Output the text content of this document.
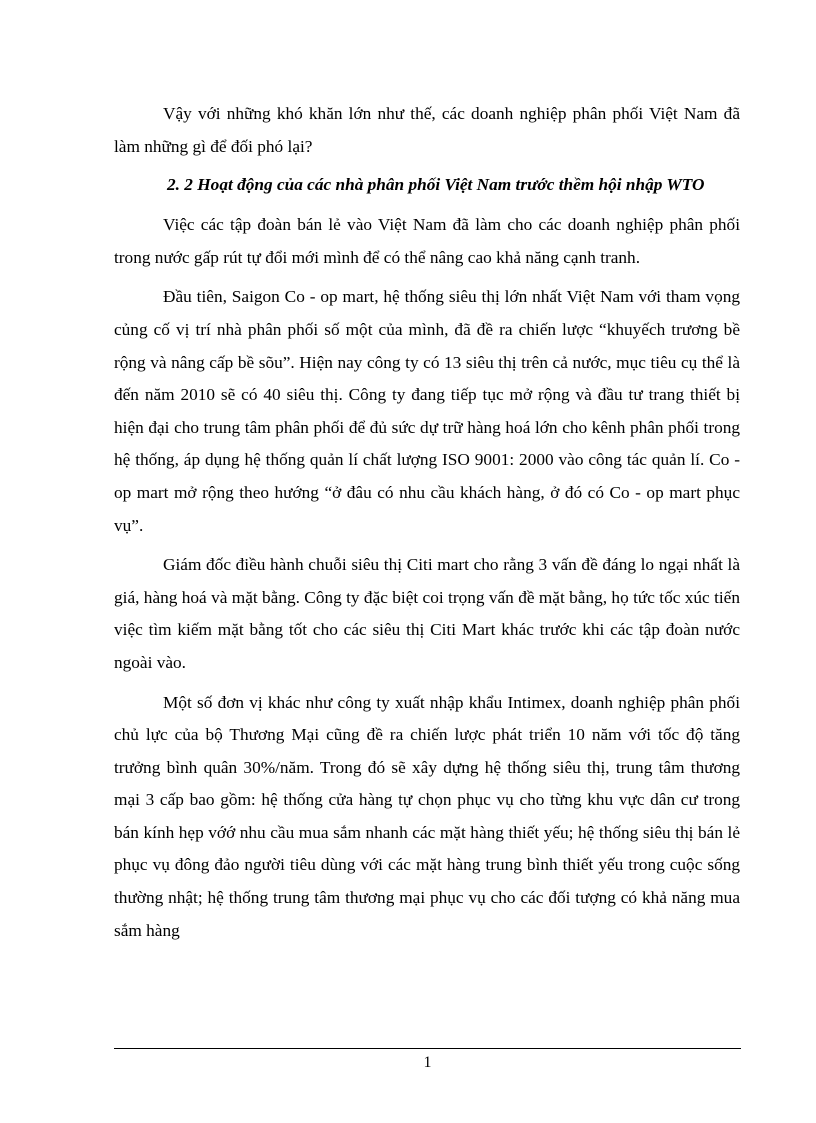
Vậy với những khó khăn lớn như thế, các doanh nghiệp phân phối Việt Nam đã làm những gì để đối phó lại?

2. 2 Hoạt động của các nhà phân phối Việt Nam trước thềm hội nhập WTO

Việc các tập đoàn bán lẻ vào Việt Nam đã làm cho các doanh nghiệp phân phối trong nước gấp rút tự đổi mới mình để có thể nâng cao khả năng cạnh tranh.

Đầu tiên, Saigon Co - op mart, hệ thống siêu thị lớn nhất Việt Nam với tham vọng củng cố vị trí nhà phân phối số một của mình, đã đề ra chiến lược “khuyếch trương bề rộng và nâng cấp bề sõu”. Hiện nay công ty có 13 siêu thị trên cả nước, mục tiêu cụ thể là đến năm 2010 sẽ có 40 siêu thị. Công ty đang tiếp tục mở rộng và đầu tư trang thiết bị hiện đại cho trung tâm phân phối để đủ sức dự trữ hàng hoá lớn cho kênh phân phối trong hệ thống, áp dụng hệ thống quản lí chất lượng ISO 9001: 2000 vào công tác quản lí. Co - op mart mở rộng theo hướng “ở đâu có nhu cầu khách hàng, ở đó có Co - op mart phục vụ”.

Giám đốc điều hành chuỗi siêu thị Citi mart cho rằng 3 vấn đề đáng lo ngại nhất là giá, hàng hoá và mặt bằng. Công ty đặc biệt coi trọng vấn đề mặt bằng, họ tức tốc xúc tiến việc tìm kiếm mặt bằng tốt cho các siêu thị Citi Mart khác trước khi các tập đoàn nước ngoài vào.

Một số đơn vị khác như công ty xuất nhập khẩu Intimex, doanh nghiệp phân phối chủ lực của bộ Thương Mại cũng đề ra chiến lược phát triển 10 năm với tốc độ tăng trưởng bình quân 30%/năm. Trong đó sẽ xây dựng hệ thống siêu thị, trung tâm thương mại 3 cấp bao gồm: hệ thống cửa hàng tự chọn phục vụ cho từng khu vực dân cư trong bán kính hẹp vớớ nhu cầu mua sắm nhanh các mặt hàng thiết yếu; hệ thống siêu thị bán lẻ phục vụ đông đảo người tiêu dùng với các mặt hàng trung bình thiết yếu trong cuộc sống thường nhật; hệ thống trung tâm thương mại phục vụ cho các đối tượng có khả năng mua sắm hàng

1
